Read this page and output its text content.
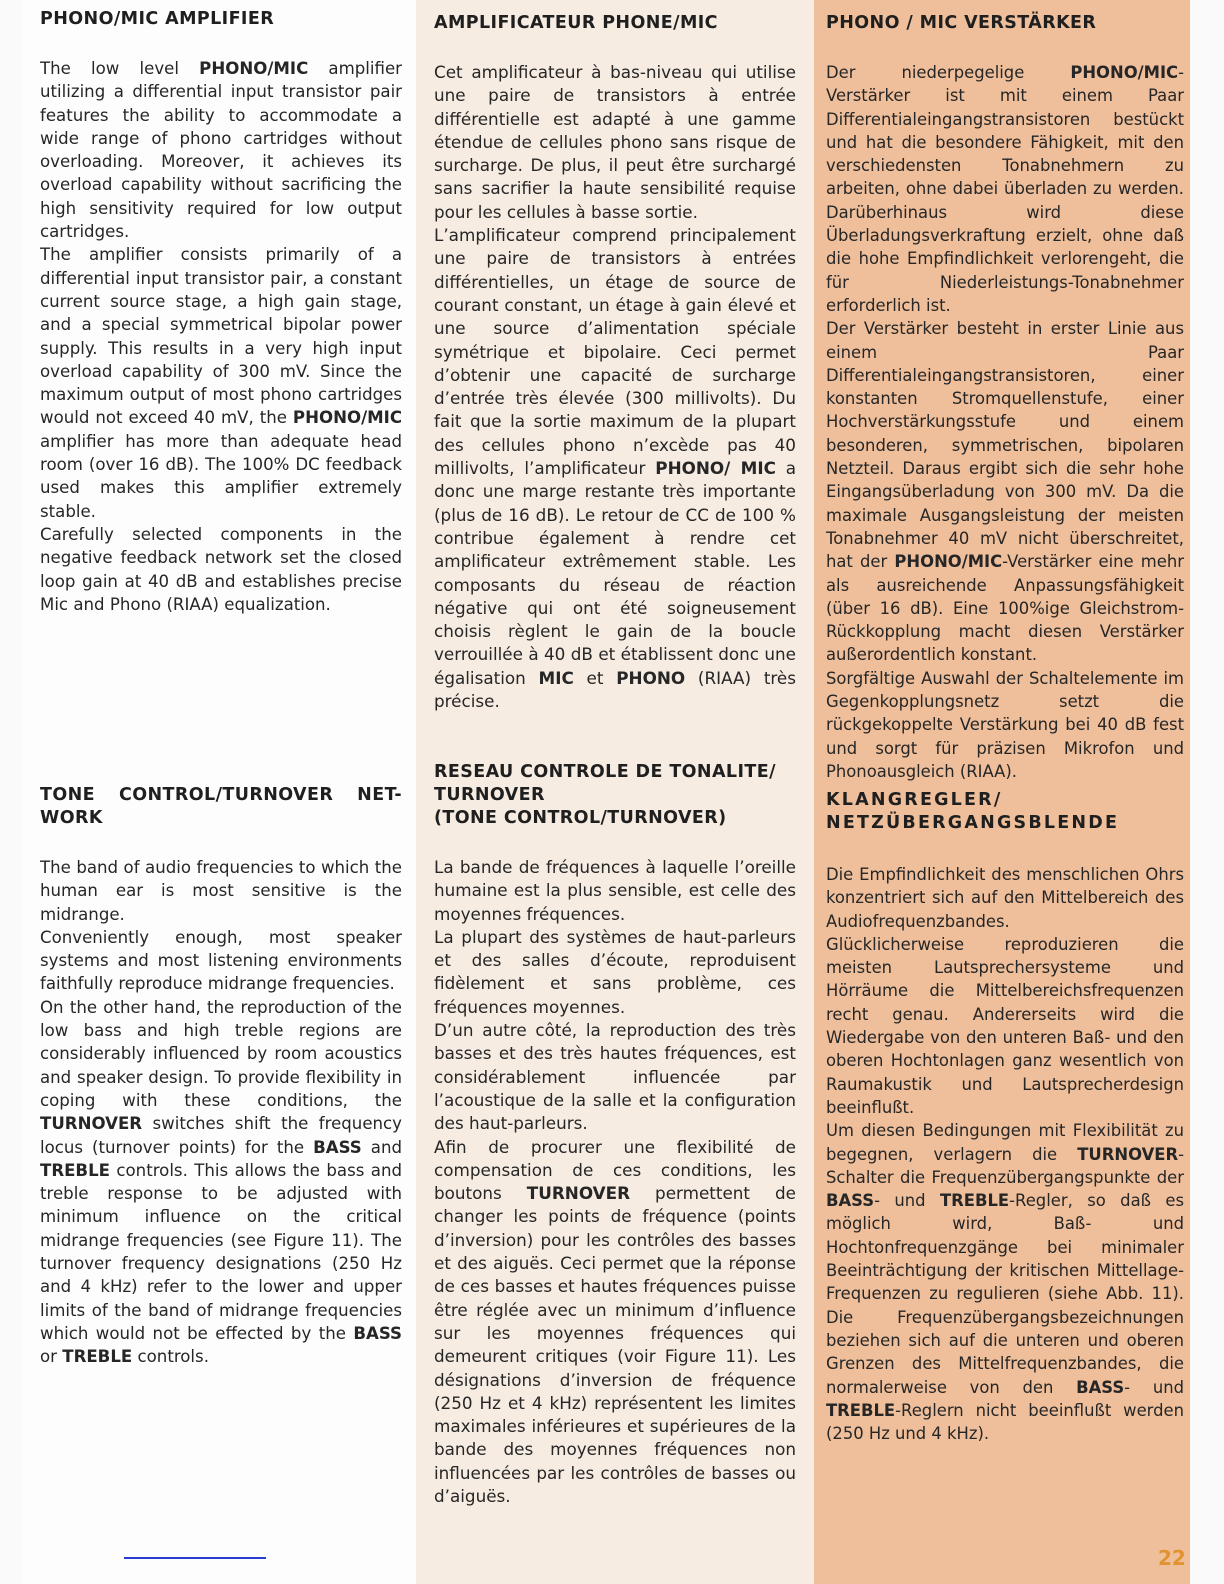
PHONO/MIC AMPLIFIER

The low level PHONO/MIC amplifier utilizing a differential input transistor pair features the ability to accommodate a wide range of phono cartridges without overloading. Moreover, it achieves its overload capability without sacrificing the high sensitivity required for low output cartridges.

The amplifier consists primarily of a differential input transistor pair, a constant current source stage, a high gain stage, and a special symmetrical bipolar power supply. This results in a very high input overload capability of 300 mV. Since the maximum output of most phono cartridges would not exceed 40 mV, the PHONO/MIC amplifier has more than adequate head room (over 16 dB). The 100% DC feedback used makes this amplifier extremely stable.

Carefully selected components in the negative feedback network set the closed loop gain at 40 dB and establishes precise Mic and Phono (RIAA) equalization.

TONE CONTROL/TURNOVER NET-WORK

The band of audio frequencies to which the human ear is most sensitive is the midrange.

Conveniently enough, most speaker systems and most listening environments faithfully reproduce midrange frequencies.

On the other hand, the reproduction of the low bass and high treble regions are considerably influenced by room acoustics and speaker design. To provide flexibility in coping with these conditions, the TURNOVER switches shift the frequency locus (turnover points) for the BASS and TREBLE controls. This allows the bass and treble response to be adjusted with minimum influence on the critical midrange frequencies (see Figure 11). The turnover frequency designations (250 Hz and 4 kHz) refer to the lower and upper limits of the band of midrange frequencies which would not be effected by the BASS or TREBLE controls.

AMPLIFICATEUR PHONE/MIC

Cet amplificateur à bas-niveau qui utilise une paire de transistors à entrée différentielle est adapté à une gamme étendue de cellules phono sans risque de surcharge. De plus, il peut être surchargé sans sacrifier la haute sensibilité requise pour les cellules à basse sortie.

L’amplificateur comprend principalement une paire de transistors à entrées différentielles, un étage de source de courant constant, un étage à gain élevé et une source d’alimentation spéciale symétrique et bipolaire. Ceci permet d’obtenir une capacité de surcharge d’entrée très élevée (300 millivolts). Du fait que la sortie maximum de la plupart des cellules phono n’excède pas 40 millivolts, l’amplificateur PHONO/ MIC a donc une marge restante très importante (plus de 16 dB). Le retour de CC de 100 % contribue également à rendre cet amplificateur extrêmement stable. Les composants du réseau de réaction négative qui ont été soigneusement choisis règlent le gain de la boucle verrouillée à 40 dB et établissent donc une égalisation MIC et PHONO (RIAA) très précise.

RESEAU CONTROLE DE TONALITE/
TURNOVER
(TONE CONTROL/TURNOVER)

La bande de fréquences à laquelle l’oreille humaine est la plus sensible, est celle des moyennes fréquences.

La plupart des systèmes de haut-parleurs et des salles d’écoute, reproduisent fidèlement et sans problème, ces fréquences moyennes.

D’un autre côté, la reproduction des très basses et des très hautes fréquences, est considérablement influencée par l’acoustique de la salle et la configuration des haut-parleurs.

Afin de procurer une flexibilité de compensation de ces conditions, les boutons TURNOVER permettent de changer les points de fréquence (points d’inversion) pour les contrôles des basses et des aiguës. Ceci permet que la réponse de ces basses et hautes fréquences puisse être réglée avec un minimum d’influence sur les moyennes fréquences qui demeurent critiques (voir Figure 11). Les désignations d’inversion de fréquence (250 Hz et 4 kHz) représentent les limites maximales inférieures et supérieures de la bande des moyennes fréquences non influencées par les contrôles de basses ou d’aiguës.

PHONO / MIC VERSTÄRKER

Der niederpegelige PHONO/MIC-Verstärker ist mit einem Paar Differentialeingangstransistoren bestückt und hat die besondere Fähigkeit, mit den verschiedensten Tonabnehmern zu arbeiten, ohne dabei überladen zu werden. Darüberhinaus wird diese Überladungsverkraftung erzielt, ohne daß die hohe Empfindlichkeit verlorengeht, die für Niederleistungs-Tonabnehmer erforderlich ist.

Der Verstärker besteht in erster Linie aus einem Paar Differentialeingangstransistoren, einer konstanten Stromquellenstufe, einer Hochverstärkungsstufe und einem besonderen, symmetrischen, bipolaren Netzteil. Daraus ergibt sich die sehr hohe Eingangsüberladung von 300 mV. Da die maximale Ausgangsleistung der meisten Tonabnehmer 40 mV nicht überschreitet, hat der PHONO/MIC-Verstärker eine mehr als ausreichende Anpassungsfähigkeit (über 16 dB). Eine 100%ige Gleichstrom-Rückkopplung macht diesen Verstärker außerordentlich konstant.

Sorgfältige Auswahl der Schaltelemente im Gegenkopplungsnetz setzt die rückgekoppelte Verstärkung bei 40 dB fest und sorgt für präzisen Mikrofon und Phonoausgleich (RIAA).

KLANGREGLER/
NETZÜBERGANGSBLENDE

Die Empfindlichkeit des menschlichen Ohrs konzentriert sich auf den Mittelbereich des Audiofrequenzbandes.

Glücklicherweise reproduzieren die meisten Lautsprechersysteme und Hörräume die Mittelbereichsfrequenzen recht genau. Andererseits wird die Wiedergabe von den unteren Baß- und den oberen Hochtonlagen ganz wesentlich von Raumakustik und Lautsprecherdesign beeinflußt.

Um diesen Bedingungen mit Flexibilität zu begegnen, verlagern die TURNOVER-Schalter die Frequenzübergangspunkte der BASS- und TREBLE-Regler, so daß es möglich wird, Baß- und Hochtonfrequenzgänge bei minimaler Beeinträchtigung der kritischen Mittellage-Frequenzen zu regulieren (siehe Abb. 11). Die Frequenzübergangsbezeichnungen beziehen sich auf die unteren und oberen Grenzen des Mittelfrequenzbandes, die normalerweise von den BASS- und TREBLE-Reglern nicht beeinflußt werden (250 Hz und 4 kHz).

22
